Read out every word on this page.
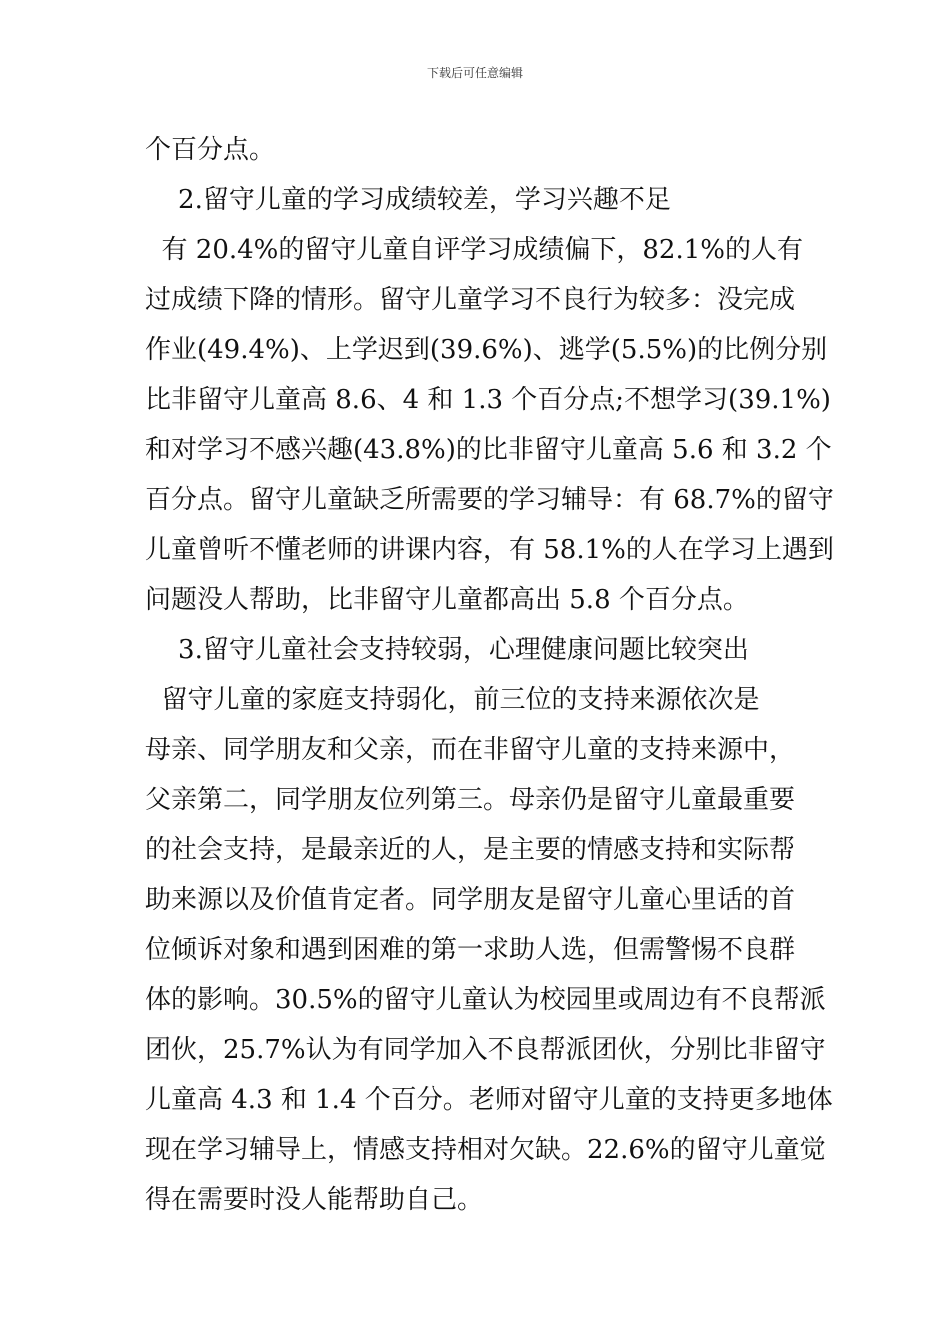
下载后可任意编辑
个百分点。
2.留守儿童的学习成绩较差，学习兴趣不足
有 20.4%的留守儿童自评学习成绩偏下，82.1%的人有
过成绩下降的情形。留守儿童学习不良行为较多：没完成
作业(49.4%)、上学迟到(39.6%)、逃学(5.5%)的比例分别
比非留守儿童高 8.6、4 和 1.3 个百分点;不想学习(39.1%)
和对学习不感兴趣(43.8%)的比非留守儿童高 5.6 和 3.2 个
百分点。留守儿童缺乏所需要的学习辅导：有 68.7%的留守
儿童曾听不懂老师的讲课内容，有 58.1%的人在学习上遇到
问题没人帮助，比非留守儿童都高出 5.8 个百分点。
3.留守儿童社会支持较弱，心理健康问题比较突出
留守儿童的家庭支持弱化，前三位的支持来源依次是
母亲、同学朋友和父亲，而在非留守儿童的支持来源中，
父亲第二，同学朋友位列第三。母亲仍是留守儿童最重要
的社会支持，是最亲近的人，是主要的情感支持和实际帮
助来源以及价值肯定者。同学朋友是留守儿童心里话的首
位倾诉对象和遇到困难的第一求助人选，但需警惕不良群
体的影响。30.5%的留守儿童认为校园里或周边有不良帮派
团伙，25.7%认为有同学加入不良帮派团伙，分别比非留守
儿童高 4.3 和 1.4 个百分。老师对留守儿童的支持更多地体
现在学习辅导上，情感支持相对欠缺。22.6%的留守儿童觉
得在需要时没人能帮助自己。
